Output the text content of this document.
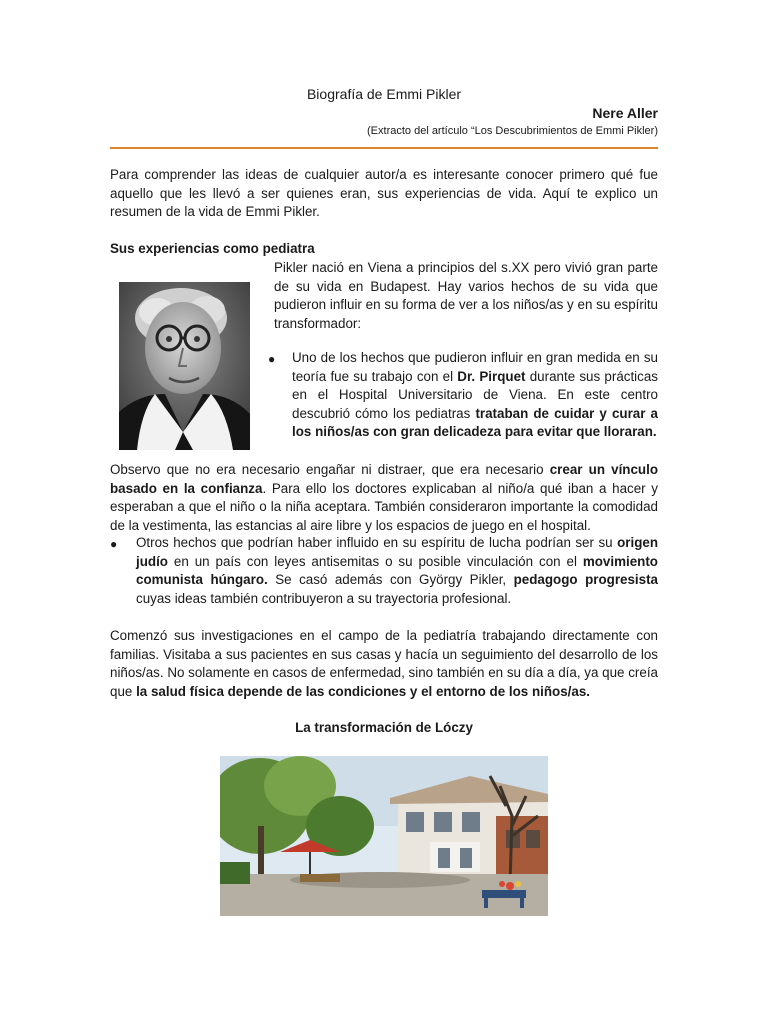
Biografía de Emmi Pikler
Nere Aller
(Extracto del artículo “Los Descubrimientos de Emmi Pikler)

Para comprender las ideas de cualquier autor/a es interesante conocer primero qué fue aquello que les llevó a ser quienes eran, sus experiencias de vida. Aquí te explico un resumen de la vida de Emmi Pikler.

Sus experiencias como pediatra

Pikler nació en Viena a principios del s.XX pero vivió gran parte de su vida en Budapest. Hay varios hechos de su vida que pudieron influir en su forma de ver a los niños/as y en su espíritu transformador:

● Uno de los hechos que pudieron influir en gran medida en su teoría fue su trabajo con el Dr. Pirquet durante sus prácticas en el Hospital Universitario de Viena. En este centro descubrió cómo los pediatras trataban de cuidar y curar a los niños/as con gran delicadeza para evitar que lloraran.

Observo que no era necesario engañar ni distraer, que era necesario crear un vínculo basado en la confianza. Para ello los doctores explicaban al niño/a qué iban a hacer y esperaban a que el niño o la niña aceptara. También consideraron importante la comodidad de la vestimenta, las estancias al aire libre y los espacios de juego en el hospital.

● Otros hechos que podrían haber influido en su espíritu de lucha podrían ser su origen judío en un país con leyes antisemitas o su posible vinculación con el movimiento comunista húngaro. Se casó además con György Pikler, pedagogo progresista cuyas ideas también contribuyeron a su trayectoria profesional.

Comenzó sus investigaciones en el campo de la pediatría trabajando directamente con familias. Visitaba a sus pacientes en sus casas y hacía un seguimiento del desarrollo de los niños/as. No solamente en casos de enfermedad, sino también en su día a día, ya que creía que la salud física depende de las condiciones y el entorno de los niños/as.

La transformación de Lóczy
